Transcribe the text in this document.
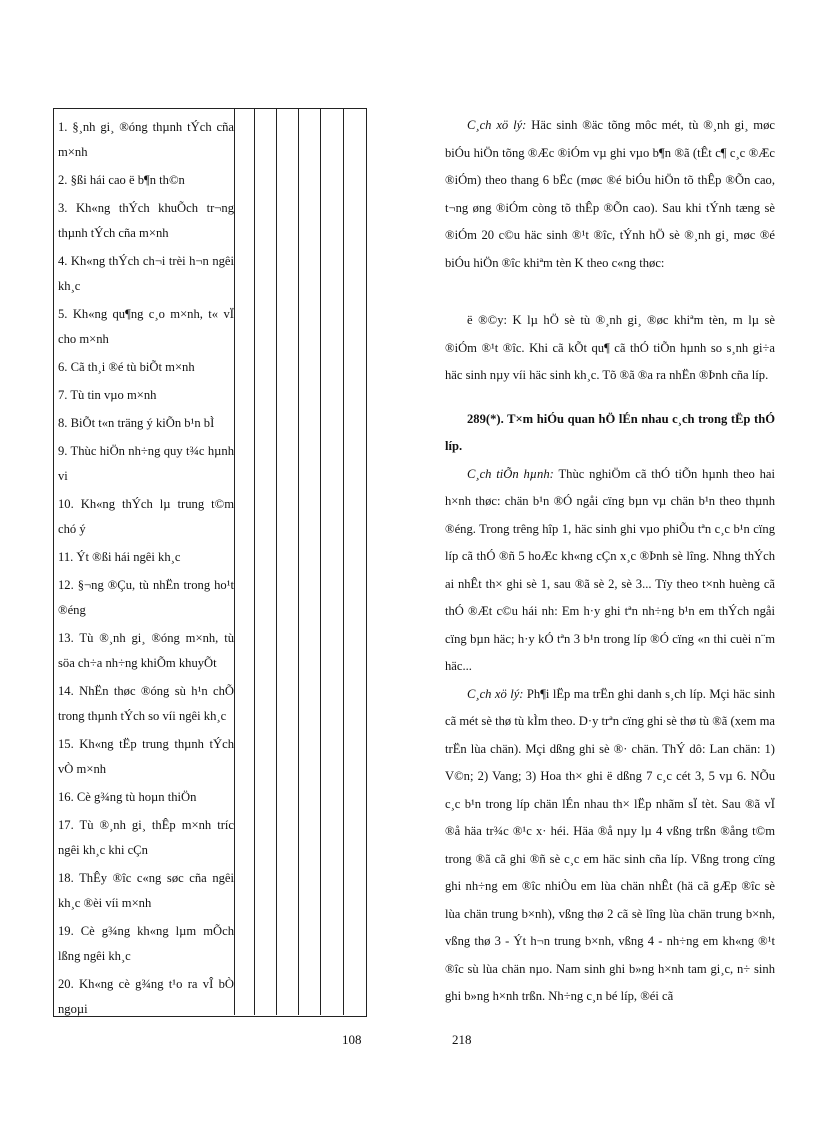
1. §¸nh gi¸ ®óng thµnh tÝch cña m×nh
2. §ßi hái cao ë b¶n th©n
3. Kh«ng thÝch khuÕch tr¬ng thµnh tÝch cña m×nh
4. Kh«ng thÝch ch¬i trèi h¬n ngêi kh¸c
5. Kh«ng qu¶ng c¸o m×nh, t« vÏ cho m×nh
6. Cã th¸i ®é tù biÕt m×nh
7. Tù tin vµo m×nh
8. BiÕt t«n träng ý kiÕn b¹n bÌ
9. Thùc hiÖn nh÷ng quy t¾c hµnh vi
10. Kh«ng thÝch lµ trung t©m chó ý
11. Ýt ®ßi hái ngêi kh¸c
12. §¬ng ®Çu, tù nhËn trong ho¹t ®éng
13. Tù ®¸nh gi¸ ®óng m×nh, tù söa ch÷a nh÷ng khiÕm khuyÕt
14. NhËn thøc ®óng sù h¹n chÕ trong thµnh tÝch so víi ngêi kh¸c
15. Kh«ng tËp trung thµnh tÝch vÒ m×nh
16. Cè g¾ng tù hoµn thiÖn
17. Tù ®¸nh gi¸ thÊp m×nh tríc ngêi kh¸c khi cÇn
18. ThÊy ®îc c«ng søc cña ngêi kh¸c ®èi víi m×nh
19. Cè g¾ng kh«ng lµm mÕch lßng ngêi kh¸c
20. Kh«ng cè g¾ng t¹o ra vÎ bÒ ngoµi
108

C¸ch xö lý: Häc sinh ®äc tõng môc mét, tù ®¸nh gi¸ møc biÓu hiÖn tõng ®Æc ®iÓm vµ ghi vµo b¶n ®ã (tÊt c¶ c¸c ®Æc ®iÓm) theo thang 6 bËc (møc ®é biÓu hiÖn tõ thÊp ®Õn cao, t¬ng øng ®iÓm còng tõ thÊp ®Õn cao). Sau khi tÝnh tæng sè ®iÓm 20 c©u häc sinh ®¹t ®îc, tÝnh hÖ sè ®¸nh gi¸ møc ®é biÓu hiÖn ®îc khiªm tèn K theo c«ng thøc:

ë ®©y: K lµ hÖ sè tù ®¸nh gi¸ ®øc khiªm tèn, m lµ sè ®iÓm ®¹t ®îc. Khi cã kÕt qu¶ cã thÓ tiÕn hµnh so s¸nh gi÷a häc sinh nµy víi häc sinh kh¸c. Tõ ®ã ®a ra nhËn ®Þnh cña líp.

289(*). T×m hiÓu quan hÖ lÉn nhau c¸ch trong tËp thÓ líp.

C¸ch tiÕn hµnh: Thùc nghiÖm cã thÓ tiÕn hµnh theo hai h×nh thøc: chän b¹n ®Ó ngåi cïng bµn vµ chän b¹n theo thµnh ®éng. Trong trêng hîp 1, häc sinh ghi vµo phiÕu tªn c¸c b¹n cïng líp cã thÓ ®ñ 5 hoÆc kh«ng cÇn x¸c ®Þnh sè lîng. Nhng thÝch ai nhÊt th× ghi sè 1, sau ®ã sè 2, sè 3... Tïy theo t×nh huèng cã thÓ ®Æt c©u hái nh: Em h·y ghi tªn nh÷ng b¹n em thÝch ngåi cïng bµn häc; h·y kÓ tªn 3 b¹n trong líp ®Ó cïng «n thi cuèi n¨m häc...

C¸ch xö lý: Ph¶i lËp ma trËn ghi danh s¸ch líp. Mçi häc sinh cã mét sè thø tù kÌm theo. D·y trªn cïng ghi sè thø tù ®ã (xem ma trËn lùa chän). Mçi dßng ghi sè ®· chän. ThÝ dô: Lan chän: 1) V©n; 2) Vang; 3) Hoa th× ghi ë dßng 7 c¸c cét 3, 5 vµ 6. NÕu c¸c b¹n trong líp chän lÉn nhau th× lËp nhãm sÏ tèt. Sau ®ã vÏ ®å häa tr¾c ®¹c x· héi. Häa ®å nµy lµ 4 vßng trßn ®ång t©m trong ®ã cã ghi ®ñ sè c¸c em häc sinh cña líp. Vßng trong cïng ghi nh÷ng em ®îc nhiÒu em lùa chän nhÊt (hä cã gÆp ®îc sè lùa chän trung b×nh), vßng thø 2 cã sè lîng lùa chän trung b×nh, vßng thø 3 - Ýt h¬n trung b×nh, vßng 4 - nh÷ng em kh«ng ®¹t ®îc sù lùa chän nµo. Nam sinh ghi b»ng h×nh tam gi¸c, n÷ sinh ghi b»ng h×nh trßn. Nh÷ng c¸n bé líp, ®éi cã

218
